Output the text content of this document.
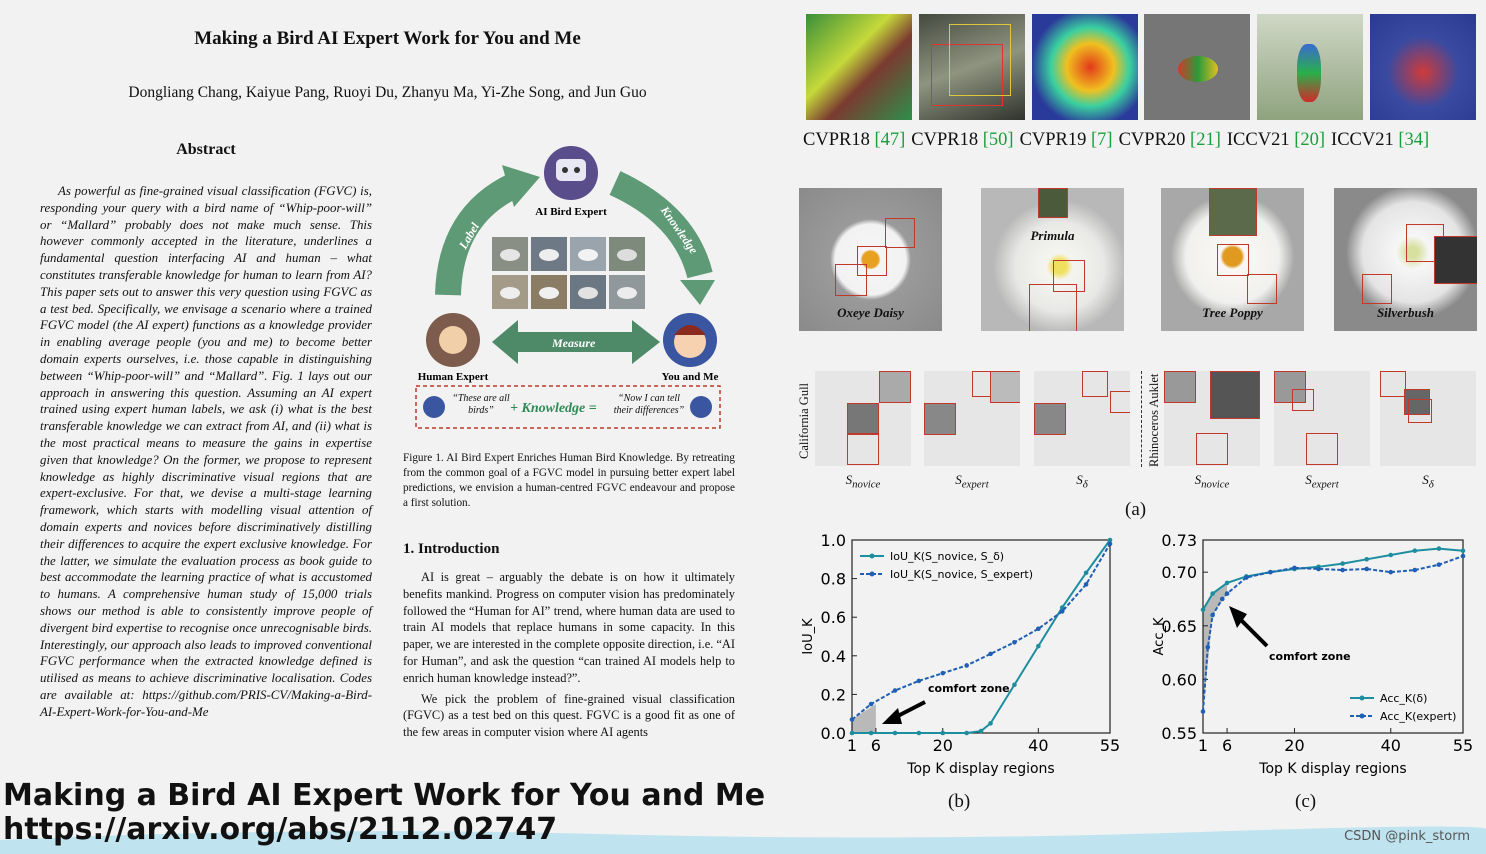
Making a Bird AI Expert Work for You and Me
Dongliang Chang, Kaiyue Pang, Ruoyi Du, Zhanyu Ma, Yi-Zhe Song, and Jun Guo
Abstract
As powerful as fine-grained visual classification (FGVC) is, responding your query with a bird name of “Whip-poor-will” or “Mallard” probably does not make much sense. This however commonly accepted in the literature, underlines a fundamental question interfacing AI and human – what constitutes transferable knowledge for human to learn from AI? This paper sets out to answer this very question using FGVC as a test bed. Specifically, we envisage a scenario where a trained FGVC model (the AI expert) functions as a knowledge provider in enabling average people (you and me) to become better domain experts ourselves, i.e. those capable in distinguishing between “Whip-poor-will” and “Mallard”. Fig. 1 lays out our approach in answering this question. Assuming an AI expert trained using expert human labels, we ask (i) what is the best transferable knowledge we can extract from AI, and (ii) what is the most practical means to measure the gains in expertise given that knowledge? On the former, we propose to represent knowledge as highly discriminative visual regions that are expert-exclusive. For that, we devise a multi-stage learning framework, which starts with modelling visual attention of domain experts and novices before discriminatively distilling their differences to acquire the expert exclusive knowledge. For the latter, we simulate the evaluation process as book guide to best accommodate the learning practice of what is accustomed to humans. A comprehensive human study of 15,000 trials shows our method is able to consistently improve people of divergent bird expertise to recognise once unrecognisable birds. Interestingly, our approach also leads to improved conventional FGVC performance when the extracted knowledge defined is utilised as means to achieve discriminative localisation. Codes are available at: https://github.com/PRIS-CV/Making-a-Bird-AI-Expert-Work-for-You-and-Me
Label	Knowledge
Measure
AI Bird Expert
Human Expert	You and Me
“These are all birds”	+ Knowledge =
“Now I can tell their differences”
Figure 1. AI Bird Expert Enriches Human Bird Knowledge. By retreating from the common goal of a FGVC model in pursuing better expert label predictions, we envision a human-centred FGVC endeavour and propose a first solution.
1. Introduction
AI is great – arguably the debate is on how it ultimately benefits mankind. Progress on computer vision has predominately followed the “Human for AI” trend, where human data are used to train AI models that replace humans in some capacity. In this paper, we are interested in the complete opposite direction, i.e. “AI for Human”, and ask the question “can trained AI models help to enrich human knowledge instead?”.
We pick the problem of fine-grained visual classification (FGVC) as a test bed on this quest. FGVC is a good fit as one of the few areas in computer vision where AI agents
CVPR18 [47] CVPR18 [50] CVPR19 [7] CVPR20 [21] ICCV21 [20] ICCV21 [34]
Oxeye Daisy
Primula
Tree Poppy	Silverbush
California Gull	Rhinoceros Auklet
$S_{novice}$	$S_{expert}$	$S_\delta$	$S_{novice}$	$S_{expert}$	$S_\delta$
(a)
(b)	(c)
1 6	20	40	55
0.0
0.2
0.4
0.6
0.8
1.0
Top K display regions
IoU_K
IoU_K(S_novice, S_δ)
IoU_K(S_novice, S_expert)
comfort zone
1 6	20	40	55
0.55
0.60
0.65
0.70
0.73
Top K display regions
Acc_K
Acc_K(δ)
Acc_K(expert)
comfort zone
Making a Bird AI Expert Work for You and Me
https://arxiv.org/abs/2112.02747	CSDN @pink_storm
